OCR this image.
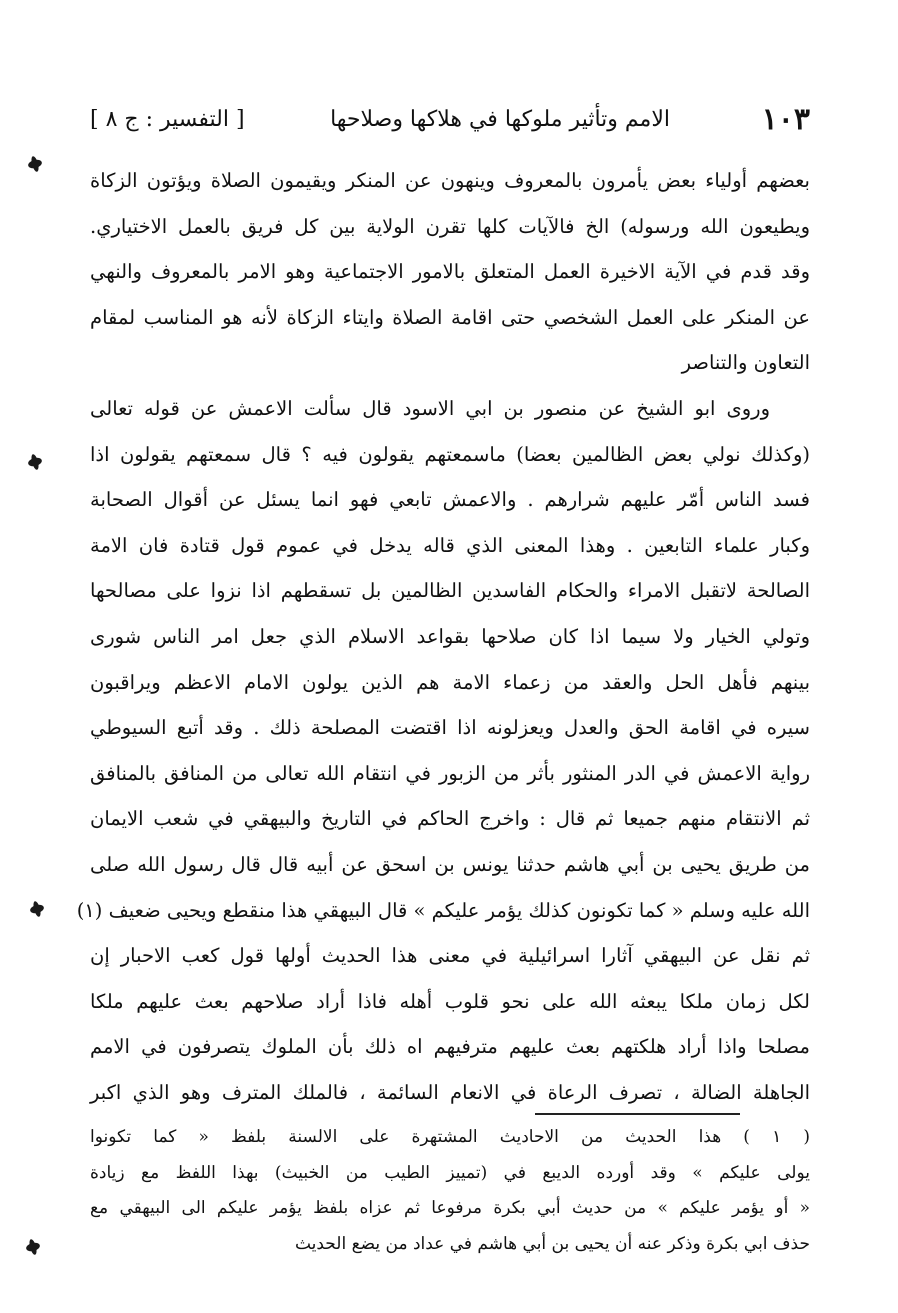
١٠٣
الامم وتأثير ملوكها في هلاكها وصلاحها
[ التفسير : ج ٨ ]
بعضهم أولياء بعض يأمرون بالمعروف وينهون عن المنكر ويقيمون الصلاة ويؤتون الزكاة
ويطيعون الله ورسوله) الخ فالآيات كلها تقرن الولاية بين كل فريق بالعمل الاختياري.
وقد قدم في الآية الاخيرة العمل المتعلق بالامور الاجتماعية وهو الامر بالمعروف والنهي
عن المنكر على العمل الشخصي حتى اقامة الصلاة وايتاء الزكاة لأنه هو المناسب لمقام
التعاون والتناصر
وروى ابو الشيخ عن منصور بن ابي الاسود قال سألت الاعمش عن قوله تعالى
(وكذلك نولي بعض الظالمين بعضا) ماسمعتهم يقولون فيه ؟ قال سمعتهم يقولون اذا
فسد الناس أمّر عليهم شرارهم . والاعمش تابعي فهو انما يسئل عن أقوال الصحابة
وكبار علماء التابعين . وهذا المعنى الذي قاله يدخل في عموم قول قتادة فان الامة
الصالحة لاتقبل الامراء والحكام الفاسدين الظالمين بل تسقطهم اذا نزوا على مصالحها
وتولي الخيار ولا سيما اذا كان صلاحها بقواعد الاسلام الذي جعل امر الناس شورى
بينهم فأهل الحل والعقد من زعماء الامة هم الذين يولون الامام الاعظم ويراقبون
سيره في اقامة الحق والعدل ويعزلونه اذا اقتضت المصلحة ذلك . وقد أتبع السيوطي
رواية الاعمش في الدر المنثور بأثر من الزبور في انتقام الله تعالى من المنافق بالمنافق
ثم الانتقام منهم جميعا ثم قال : واخرج الحاكم في التاريخ والبيهقي في شعب الايمان
من طريق يحيى بن أبي هاشم حدثنا يونس بن اسحق عن أبيه قال قال رسول الله صلى
الله عليه وسلم « كما تكونون كذلك يؤمر عليكم » قال البيهقي هذا منقطع ويحيى ضعيف (١)
ثم نقل عن البيهقي آثارا اسرائيلية في معنى هذا الحديث أولها قول كعب الاحبار إن
لكل زمان ملكا يبعثه الله على نحو قلوب أهله فاذا أراد صلاحهم بعث عليهم ملكا
مصلحا واذا أراد هلكتهم بعث عليهم مترفيهم اه ذلك بأن الملوك يتصرفون في الامم
الجاهلة الضالة ، تصرف الرعاة في الانعام السائمة ، فالملك المترف وهو الذي اكبر
( ١ ) هذا الحديث من الاحاديث المشتهرة على الالسنة بلفظ « كما تكونوا
يولى عليكم » وقد أورده الديبع في (تمييز الطيب من الخبيث) بهذا اللفظ مع زيادة
« أو يؤمر عليكم » من حديث أبي بكرة مرفوعا ثم عزاه بلفظ يؤمر عليكم الى البيهقي مع
حذف ابي بكرة وذكر عنه أن يحيى بن أبي هاشم في عداد من يضع الحديث
